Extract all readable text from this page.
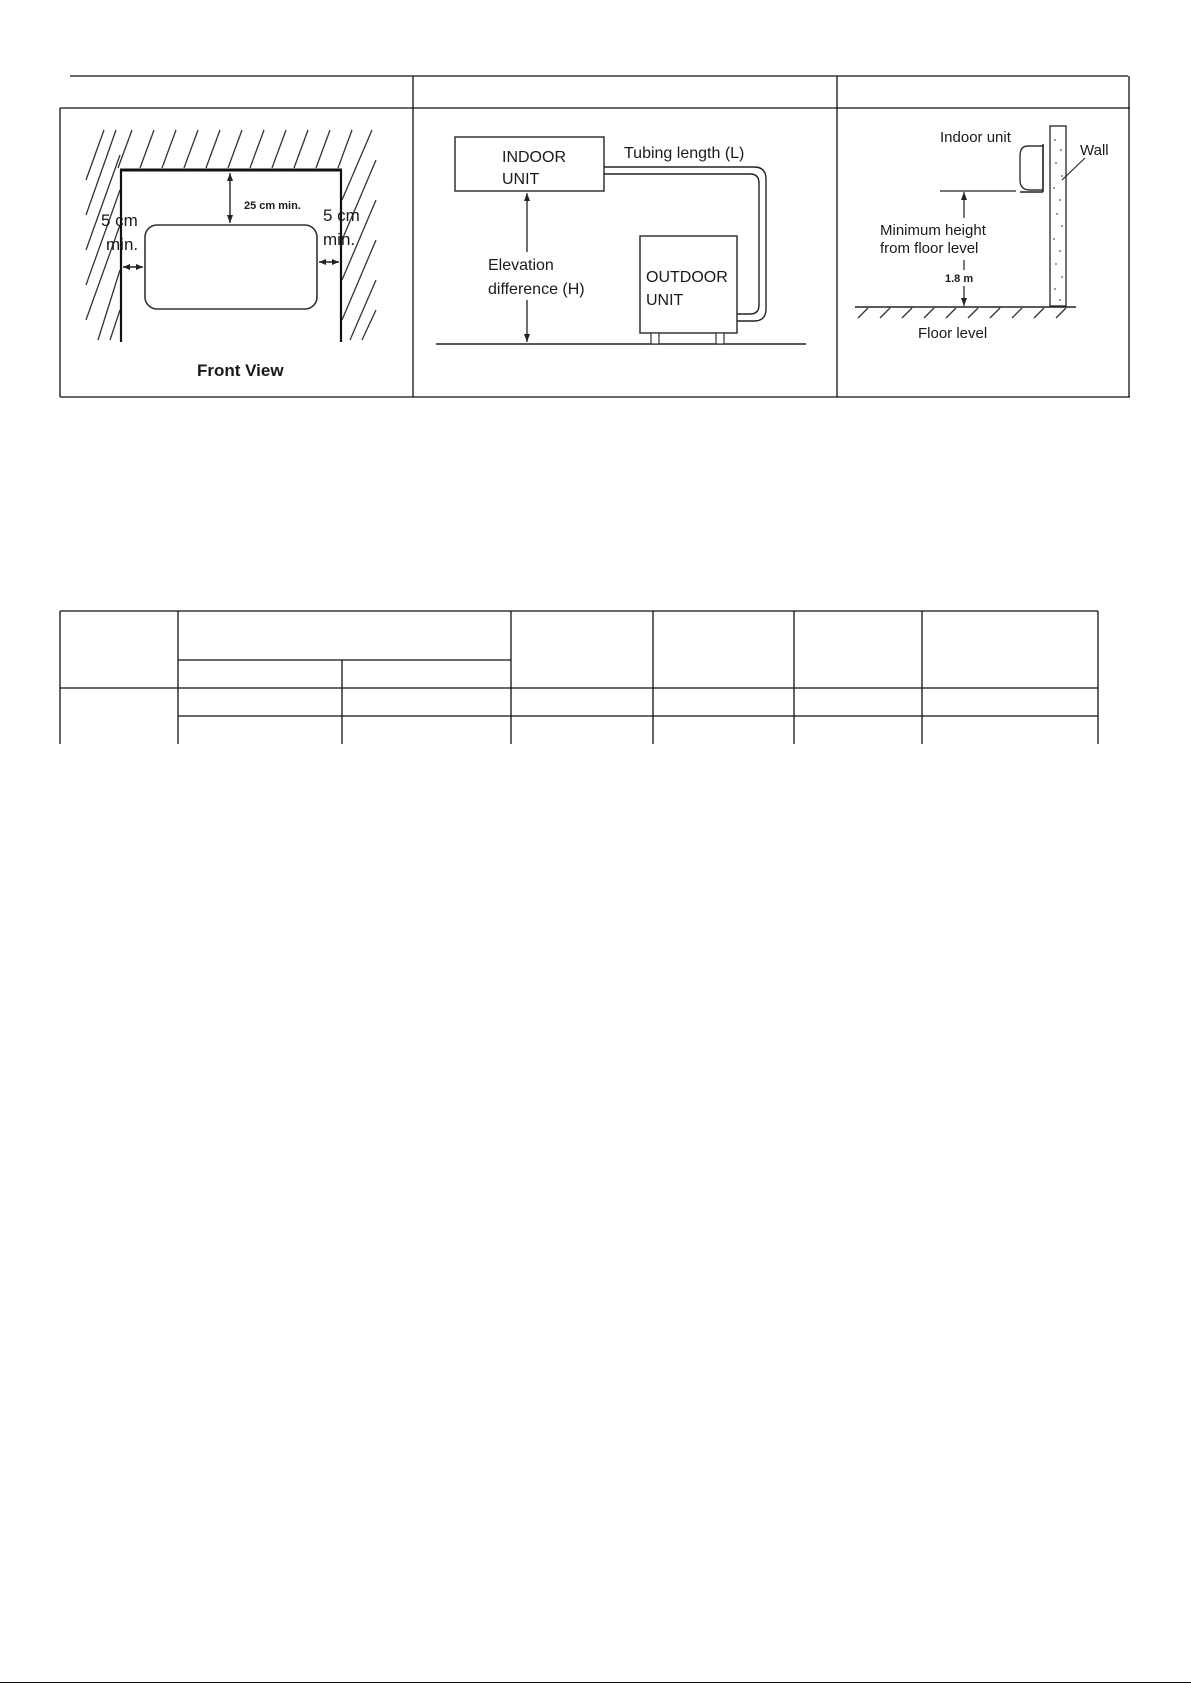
25 cm min.
5 cm
min.
5 cm
min.
Front View
INDOOR
UNIT
Tubing length (L)
Elevation
difference (H)
OUTDOOR
UNIT
Wall
Indoor unit
Minimum height
from floor level
1.8 m
Floor level
